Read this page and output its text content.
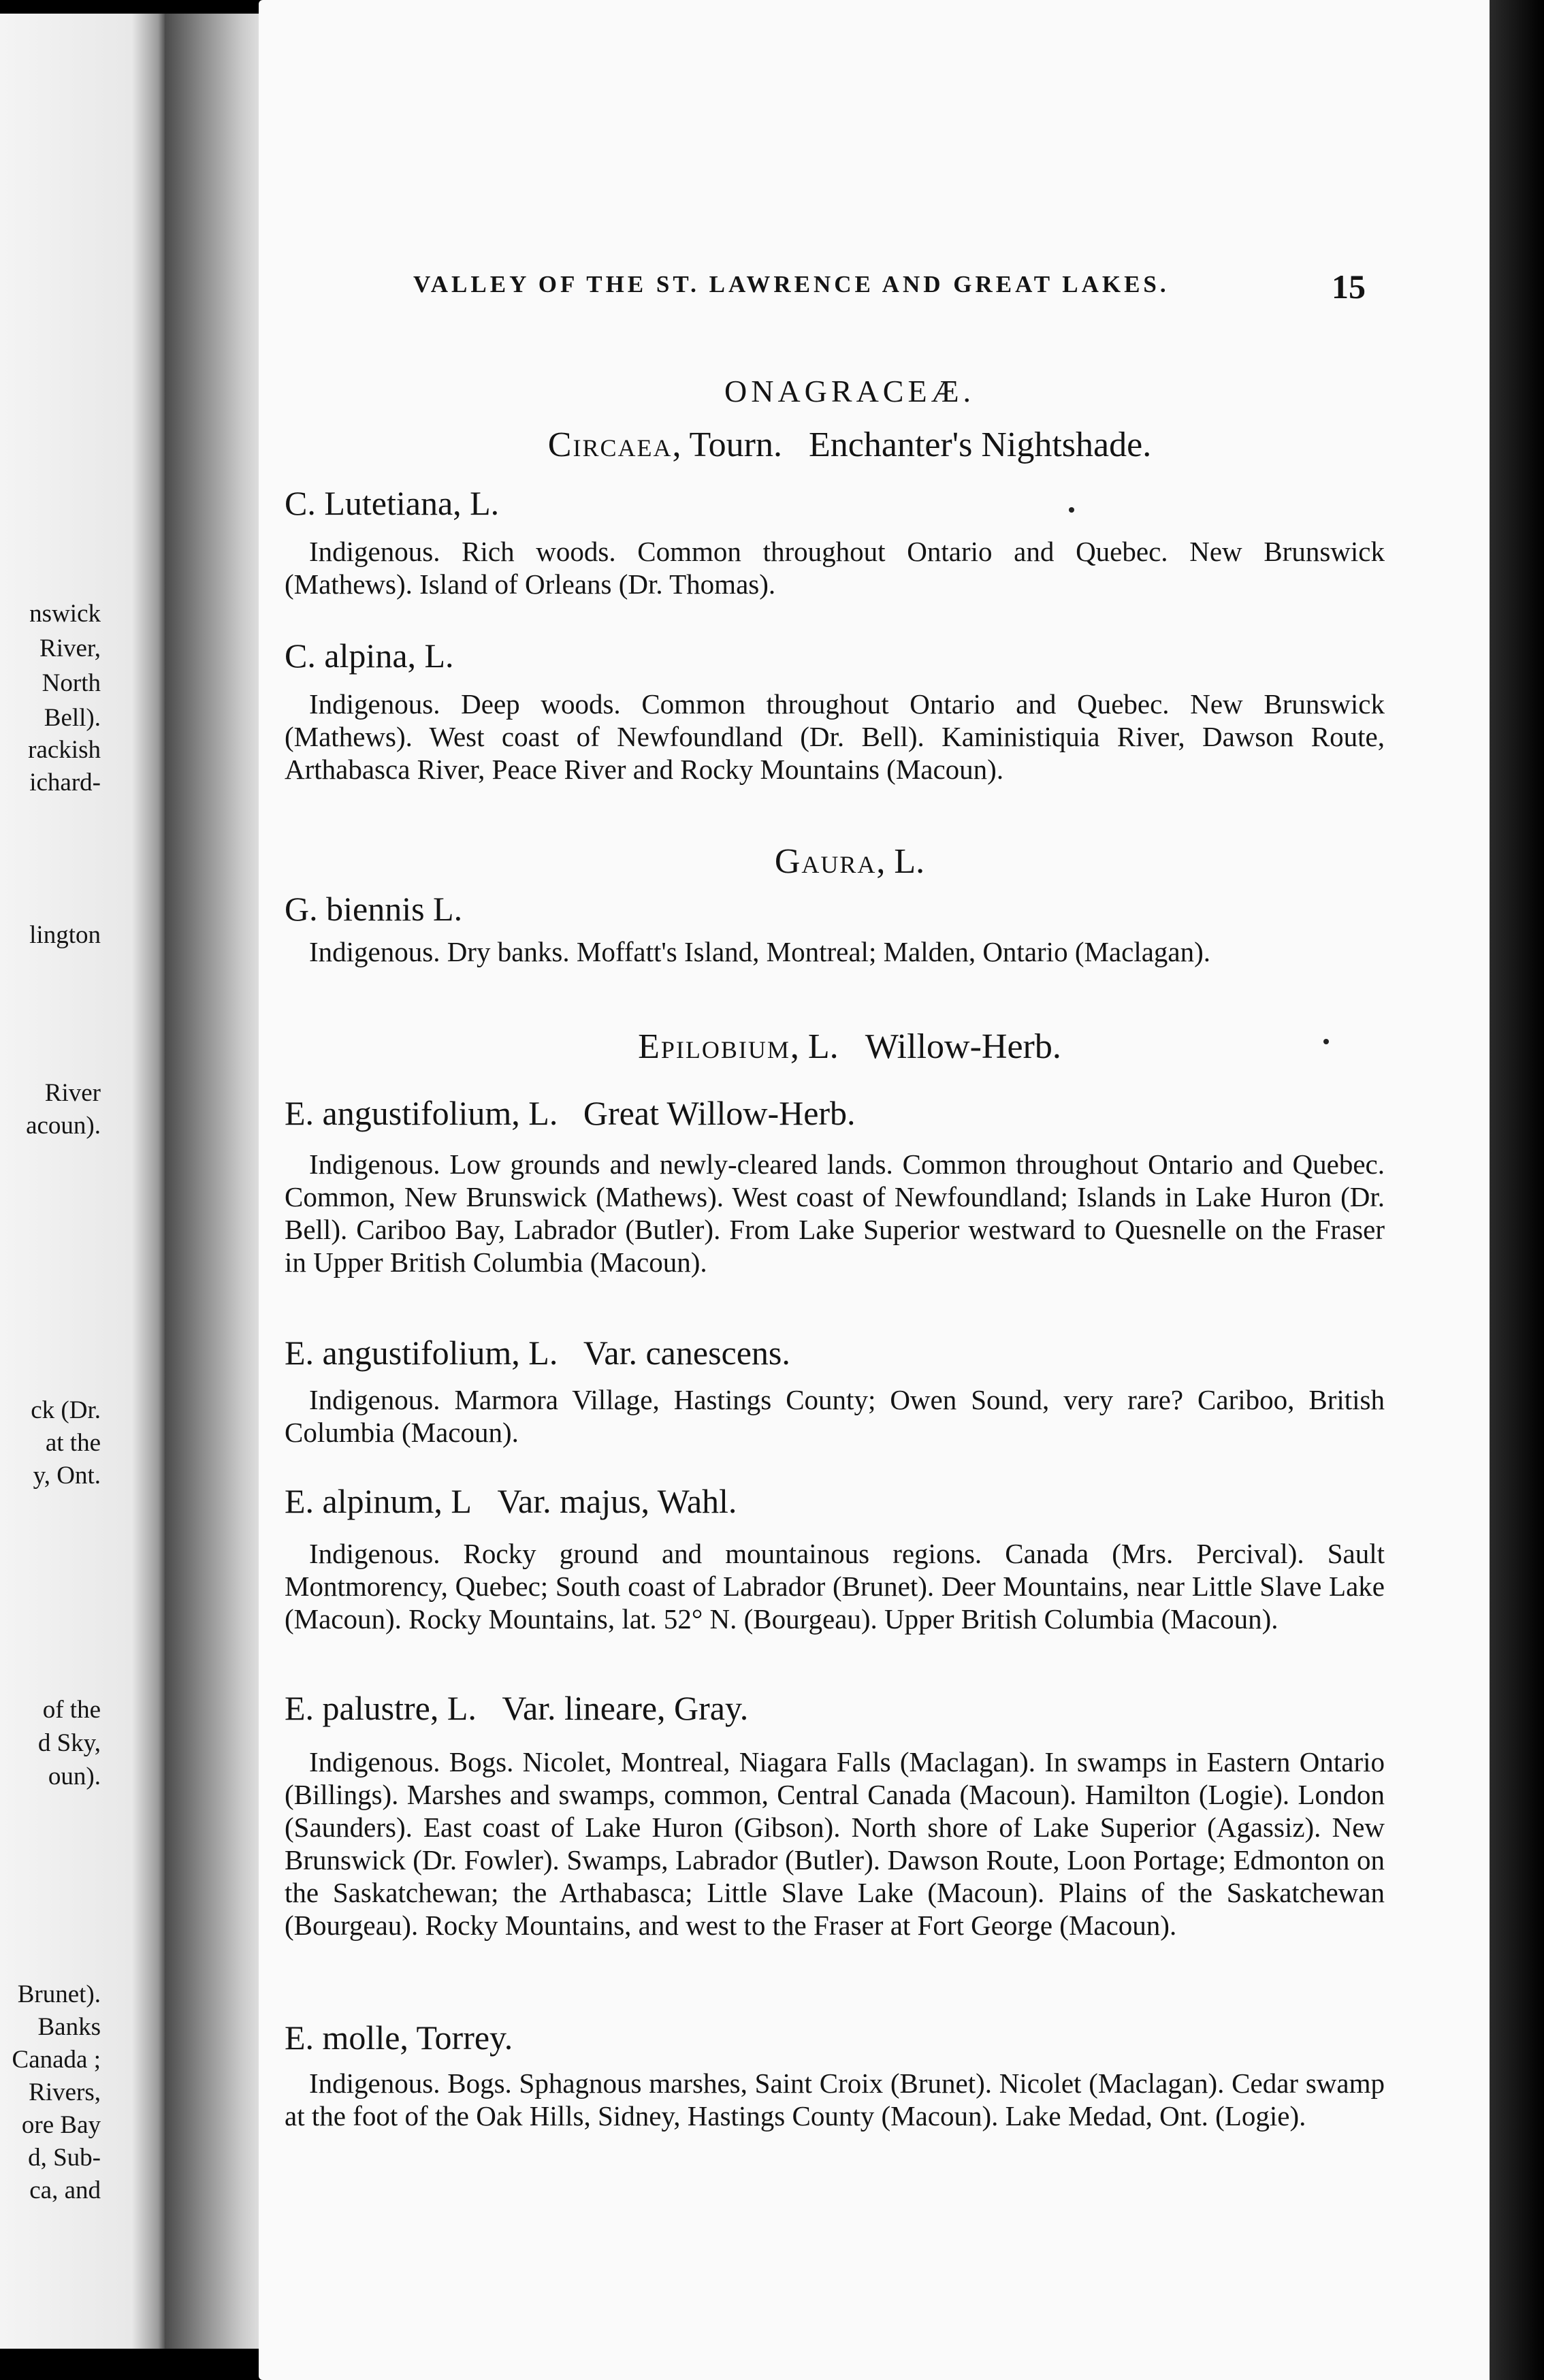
nswick
River,
North
Bell).
rackish
ichard-
lington
River
acoun).
ck (Dr.
at the
y, Ont.
of the
d Sky,
oun).
Brunet).
Banks
Canada ;
Rivers,
ore Bay
d, Sub-
ca, and
VALLEY OF THE ST. LAWRENCE AND GREAT LAKES.	15
ONAGRACEÆ.
Circaea, Tourn. Enchanter's Nightshade.
C. Lutetiana, L.
Indigenous. Rich woods. Common throughout Ontario and Quebec. New Brunswick (Mathews). Island of Orleans (Dr. Thomas).
C. alpina, L.
Indigenous. Deep woods. Common throughout Ontario and Quebec. New Brunswick (Mathews). West coast of Newfoundland (Dr. Bell). Kaministiquia River, Dawson Route, Arthabasca River, Peace River and Rocky Mountains (Macoun).
Gaura, L.
G. biennis L.
Indigenous. Dry banks. Moffatt's Island, Montreal; Malden, Ontario (Maclagan).
Epilobium, L. Willow-Herb.
E. angustifolium, L. Great Willow-Herb.
Indigenous. Low grounds and newly-cleared lands. Common throughout Ontario and Quebec. Common, New Brunswick (Mathews). West coast of Newfoundland; Islands in Lake Huron (Dr. Bell). Cariboo Bay, Labrador (Butler). From Lake Superior westward to Quesnelle on the Fraser in Upper British Columbia (Macoun).
E. angustifolium, L. Var. canescens.
Indigenous. Marmora Village, Hastings County; Owen Sound, very rare? Cariboo, British Columbia (Macoun).
E. alpinum, L Var. majus, Wahl.
Indigenous. Rocky ground and mountainous regions. Canada (Mrs. Percival). Sault Montmorency, Quebec; South coast of Labrador (Brunet). Deer Mountains, near Little Slave Lake (Macoun). Rocky Mountains, lat. 52° N. (Bourgeau). Upper British Columbia (Macoun).
E. palustre, L. Var. lineare, Gray.
Indigenous. Bogs. Nicolet, Montreal, Niagara Falls (Maclagan). In swamps in Eastern Ontario (Billings). Marshes and swamps, common, Central Canada (Macoun). Hamilton (Logie). London (Saunders). East coast of Lake Huron (Gibson). North shore of Lake Superior (Agassiz). New Brunswick (Dr. Fowler). Swamps, Labrador (Butler). Dawson Route, Loon Portage; Edmonton on the Saskatchewan; the Arthabasca; Little Slave Lake (Macoun). Plains of the Saskatchewan (Bourgeau). Rocky Mountains, and west to the Fraser at Fort George (Macoun).
E. molle, Torrey.
Indigenous. Bogs. Sphagnous marshes, Saint Croix (Brunet). Nicolet (Maclagan). Cedar swamp at the foot of the Oak Hills, Sidney, Hastings County (Macoun). Lake Medad, Ont. (Logie).
